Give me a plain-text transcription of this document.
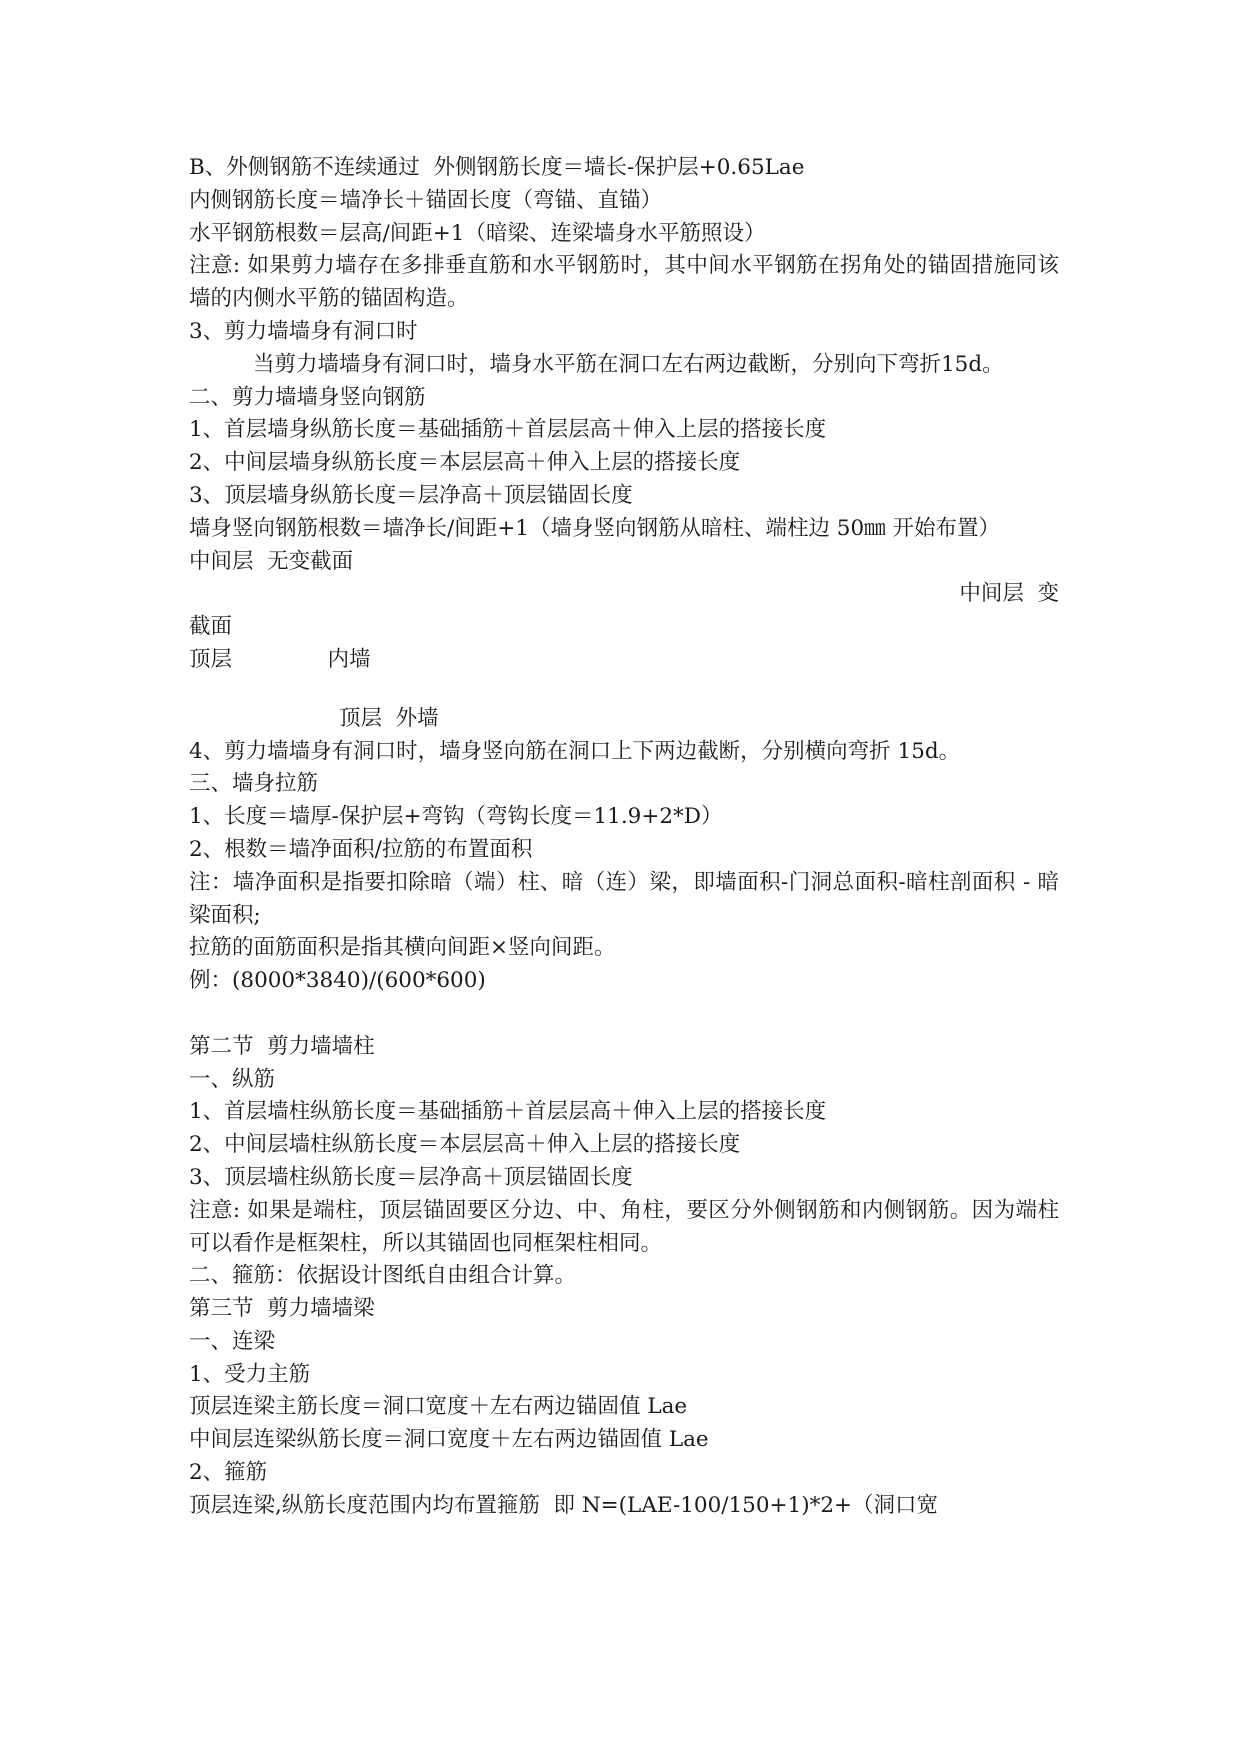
B、外侧钢筋不连续通过  外侧钢筋长度＝墙长-保护层+0.65Lae

内侧钢筋长度＝墙净长＋锚固长度（弯锚、直锚）

水平钢筋根数＝层高/间距+1（暗梁、连梁墙身水平筋照设）

注意: 如果剪力墙存在多排垂直筋和水平钢筋时，其中间水平钢筋在拐角处的锚固措施同该墙的内侧水平筋的锚固构造。

3、剪力墙墙身有洞口时

当剪力墙墙身有洞口时，墙身水平筋在洞口左右两边截断，分别向下弯折15d。

二、剪力墙墙身竖向钢筋

1、首层墙身纵筋长度＝基础插筋＋首层层高＋伸入上层的搭接长度

2、中间层墙身纵筋长度＝本层层高＋伸入上层的搭接长度

3、顶层墙身纵筋长度＝层净高＋顶层锚固长度

墙身竖向钢筋根数＝墙净长/间距+1（墙身竖向钢筋从暗柱、端柱边 50㎜ 开始布置）

中间层  无变截面

中间层  变

截面

顶层              内墙

顶层  外墙

4、剪力墙墙身有洞口时，墙身竖向筋在洞口上下两边截断，分别横向弯折 15d。

三、墙身拉筋

1、长度＝墙厚-保护层+弯钩（弯钩长度＝11.9+2*D）

2、根数＝墙净面积/拉筋的布置面积

注：墙净面积是指要扣除暗（端）柱、暗（连）梁，即墙面积-门洞总面积-暗柱剖面积 - 暗梁面积;

拉筋的面筋面积是指其横向间距×竖向间距。

例：(8000*3840)/(600*600)

第二节  剪力墙墙柱

一、纵筋

1、首层墙柱纵筋长度＝基础插筋＋首层层高＋伸入上层的搭接长度

2、中间层墙柱纵筋长度＝本层层高＋伸入上层的搭接长度

3、顶层墙柱纵筋长度＝层净高＋顶层锚固长度

注意: 如果是端柱，顶层锚固要区分边、中、角柱，要区分外侧钢筋和内侧钢筋。因为端柱可以看作是框架柱，所以其锚固也同框架柱相同。

二、箍筋：依据设计图纸自由组合计算。

第三节  剪力墙墙梁

一、连梁

1、受力主筋

顶层连梁主筋长度＝洞口宽度＋左右两边锚固值 Lae

中间层连梁纵筋长度＝洞口宽度＋左右两边锚固值 Lae

2、箍筋

顶层连梁,纵筋长度范围内均布置箍筋  即 N=(LAE-100/150+1)*2+（洞口宽
